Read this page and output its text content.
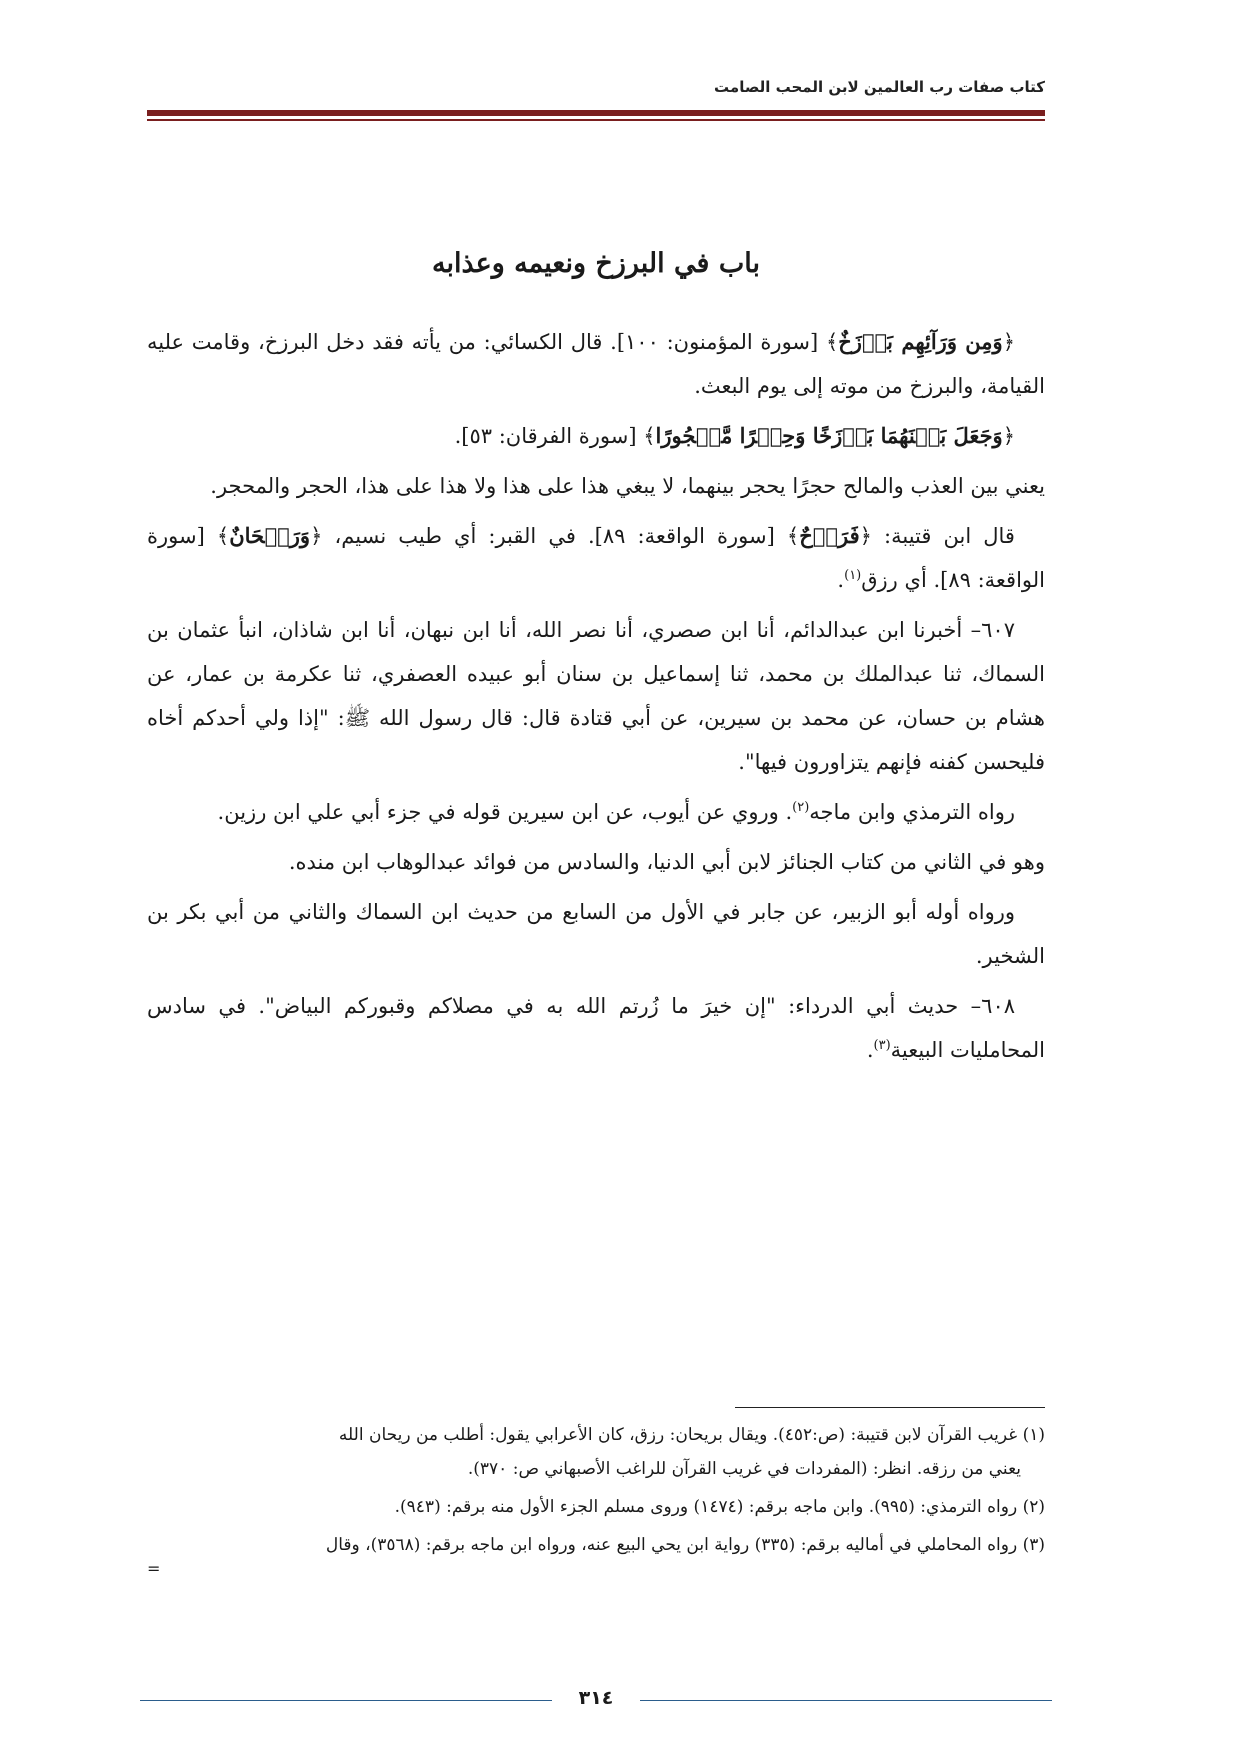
كتاب صفات رب العالمين لابن المحب الصامت
باب في البرزخ ونعيمه وعذابه

﴿وَمِن وَرَآئِهِم بَرۡزَخٌ﴾ [سورة المؤمنون: ١٠٠]. قال الكسائي: من يأته فقد دخل البرزخ، وقامت عليه القيامة، والبرزخ من موته إلى يوم البعث.

﴿وَجَعَلَ بَيۡنَهُمَا بَرۡزَخًا وَحِجۡرًا مَّحۡجُورًا﴾ [سورة الفرقان: ٥٣].

يعني بين العذب والمالح حجرًا يحجر بينهما، لا يبغي هذا على هذا ولا هذا على هذا، الحجر والمحجر.

قال ابن قتيبة: ﴿فَرَوۡحٌ﴾ [سورة الواقعة: ٨٩]. في القبر: أي طيب نسيم، ﴿وَرَيۡحَانٌ﴾ [سورة الواقعة: ٨٩]. أي رزق$^{(١)}$.

٦٠٧– أخبرنا ابن عبدالدائم، أنا ابن صصري، أنا نصر الله، أنا ابن نبهان، أنا ابن شاذان، انبأ عثمان بن السماك، ثنا عبدالملك بن محمد، ثنا إسماعيل بن سنان أبو عبيده العصفري، ثنا عكرمة بن عمار، عن هشام بن حسان، عن محمد بن سيرين، عن أبي قتادة قال: قال رسول الله ﷺ: "إذا ولي أحدكم أخاه فليحسن كفنه فإنهم يتزاورون فيها".

رواه الترمذي وابن ماجه$^{(٢)}$. وروي عن أيوب، عن ابن سيرين قوله في جزء أبي علي ابن رزين.

وهو في الثاني من كتاب الجنائز لابن أبي الدنيا، والسادس من فوائد عبدالوهاب ابن منده.

ورواه أوله أبو الزبير، عن جابر في الأول من السابع من حديث ابن السماك والثاني من أبي بكر بن الشخير.

٦٠٨– حديث أبي الدرداء: "إن خيرَ ما زُرتم الله به في مصلاكم وقبوركم البياض". في سادس المحامليات البيعية$^{(٣)}$.

(١) غريب القرآن لابن قتيبة: (ص:٤٥٢). ويقال بريحان: رزق، كان الأعرابي يقول: أطلب من ريحان الله
يعني من رزقه. انظر: (المفردات في غريب القرآن للراغب الأصبهاني ص: ٣٧٠).

(٢) رواه الترمذي: (٩٩٥). وابن ماجه برقم: (١٤٧٤) وروى مسلم الجزء الأول منه برقم: (٩٤٣).

(٣) رواه المحاملي في أماليه برقم: (٣٣٥) رواية ابن يحي البيع عنه، ورواه ابن ماجه برقم: (٣٥٦٨)، وقال

=
٣١٤
